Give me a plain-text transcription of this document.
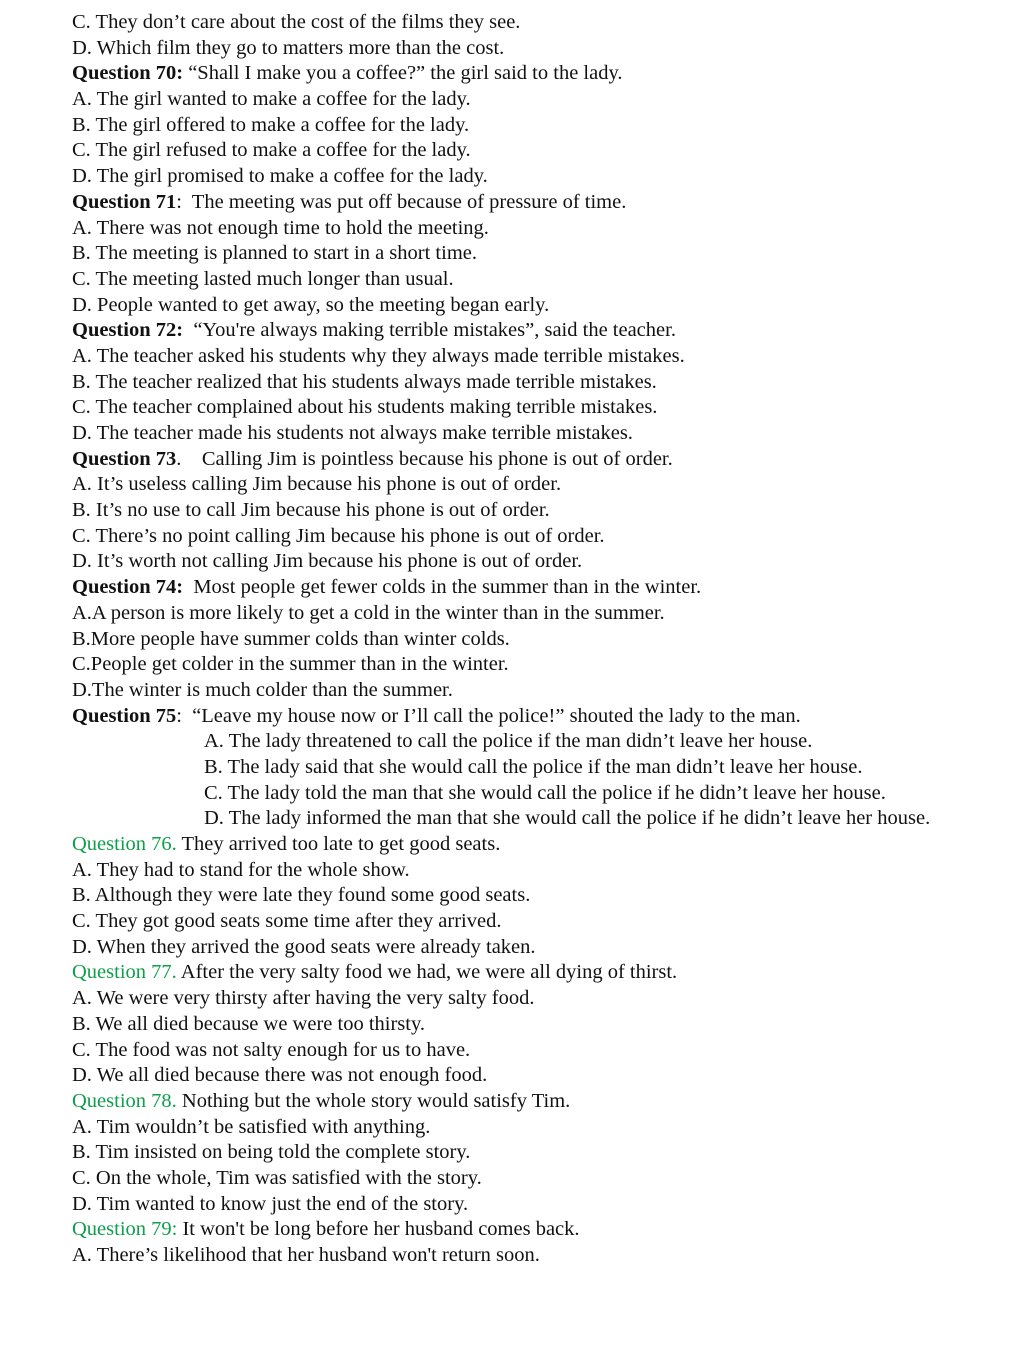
C. They don’t care about the cost of the films they see.
D. Which film they go to matters more than the cost.
Question 70: “Shall I make you a coffee?” the girl said to the lady.
A. The girl wanted to make a coffee for the lady.
B. The girl offered to make a coffee for the lady.
C. The girl refused to make a coffee for the lady.
D. The girl promised to make a coffee for the lady.
Question 71:  The meeting was put off because of pressure of time.
A. There was not enough time to hold the meeting.
B. The meeting is planned to start in a short time.
C. The meeting lasted much longer than usual.
D. People wanted to get away, so the meeting began early.
Question 72:  “You're always making terrible mistakes”, said the teacher.
A. The teacher asked his students why they always made terrible mistakes.
B. The teacher realized that his students always made terrible mistakes.
C. The teacher complained about his students making terrible mistakes.
D. The teacher made his students not always make terrible mistakes.
Question 73.    Calling Jim is pointless because his phone is out of order.
A. It’s useless calling Jim because his phone is out of order.
B. It’s no use to call Jim because his phone is out of order.
C. There’s no point calling Jim because his phone is out of order.
D. It’s worth not calling Jim because his phone is out of order.
Question 74:  Most people get fewer colds in the summer than in the winter.
A.A person is more likely to get a cold in the winter than in the summer.
B.More people have summer colds than winter colds.
C.People get colder in the summer than in the winter.
D.The winter is much colder than the summer.
Question 75:  “Leave my house now or I’ll call the police!” shouted the lady to the man.
A. The lady threatened to call the police if the man didn’t leave her house.
B. The lady said that she would call the police if the man didn’t leave her house.
C. The lady told the man that she would call the police if he didn’t leave her house.
D. The lady informed the man that she would call the police if he didn’t leave her house.
Question 76. They arrived too late to get good seats.
A. They had to stand for the whole show.
B. Although they were late they found some good seats.
C. They got good seats some time after they arrived.
D. When they arrived the good seats were already taken.
Question 77. After the very salty food we had, we were all dying of thirst.
A. We were very thirsty after having the very salty food.
B. We all died because we were too thirsty.
C. The food was not salty enough for us to have.
D. We all died because there was not enough food.
Question 78. Nothing but the whole story would satisfy Tim.
A. Tim wouldn’t be satisfied with anything.
B. Tim insisted on being told the complete story.
C. On the whole, Tim was satisfied with the story.
D. Tim wanted to know just the end of the story.
Question 79: It won't be long before her husband comes back.
A. There’s likelihood that her husband won't return soon.
